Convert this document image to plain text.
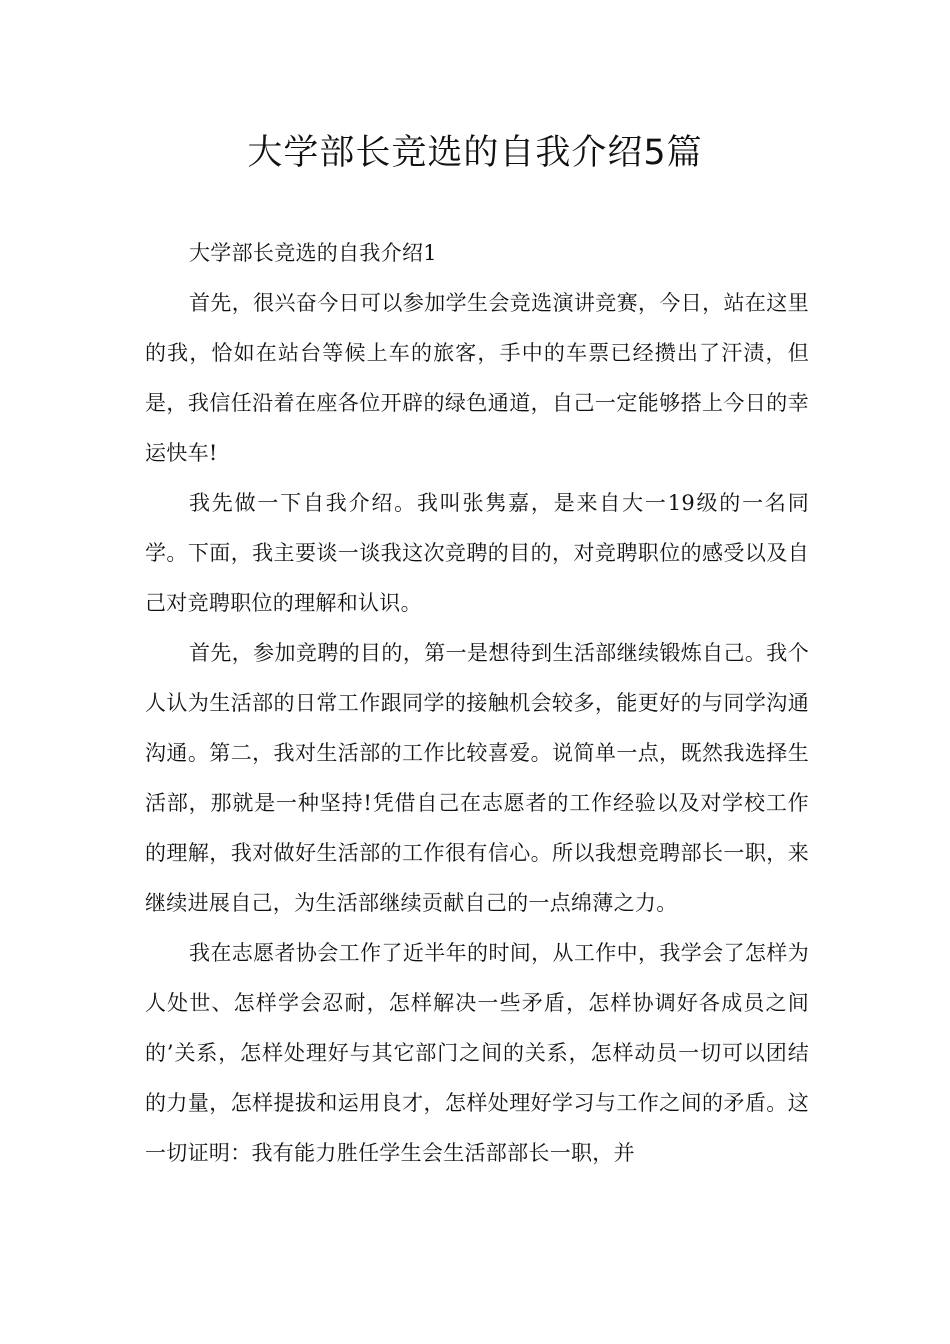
大学部长竞选的自我介绍5篇

大学部长竞选的自我介绍1

首先，很兴奋今日可以参加学生会竞选演讲竞赛，今日，站在这里的我，恰如在站台等候上车的旅客，手中的车票已经攒出了汗渍，但是，我信任沿着在座各位开辟的绿色通道，自己一定能够搭上今日的幸运快车!

我先做一下自我介绍。我叫张隽嘉，是来自大一19级的一名同学。下面，我主要谈一谈我这次竞聘的目的，对竞聘职位的感受以及自己对竞聘职位的理解和认识。

首先，参加竞聘的目的，第一是想待到生活部继续锻炼自己。我个人认为生活部的日常工作跟同学的接触机会较多，能更好的与同学沟通沟通。第二，我对生活部的工作比较喜爱。说简单一点，既然我选择生活部，那就是一种坚持!凭借自己在志愿者的工作经验以及对学校工作的理解，我对做好生活部的工作很有信心。所以我想竞聘部长一职，来继续进展自己，为生活部继续贡献自己的一点绵薄之力。

我在志愿者协会工作了近半年的时间，从工作中，我学会了怎样为人处世、怎样学会忍耐，怎样解决一些矛盾，怎样协调好各成员之间的’关系，怎样处理好与其它部门之间的关系，怎样动员一切可以团结的力量，怎样提拔和运用良才，怎样处理好学习与工作之间的矛盾。这一切证明：我有能力胜任学生会生活部部长一职，并
